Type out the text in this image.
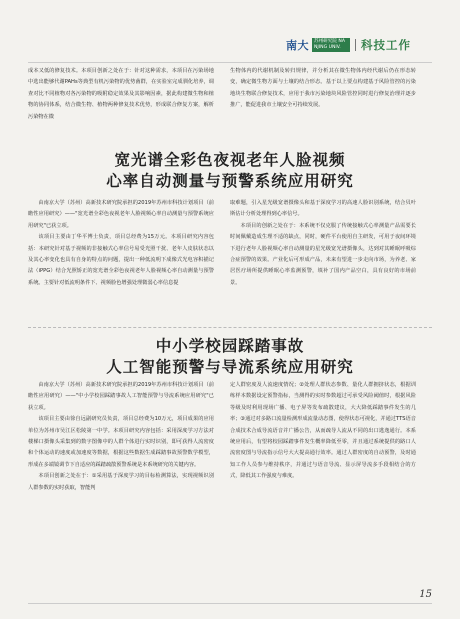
南大	苏州研究院 NANJING UNIV.	科技工作

成本又低的修复技术。本项目创新之处在于：针对这种需求，本项目在污染场地中选出能够代谢PAHs等典型有机污染物的优势菌群，在实验室完成驯化培养，调查对比不同植物对各污染物的吸附稳定效果及其影响因素，据此构建微生物和植物的协同体系，结合微生物、植物两种修复技术优势，形成联合修复方案，解析污染物在微

生物体内的代谢机制及转归规律，并分析其在微生物体内经代谢后仍在形态转变，确定微生物方面与土壤的结合形态。基于以上要点构建基于风险管控的污染地块生物联合修复技术，应用于我市污染地块风险管控同时进行修复治理并逐步推广，能促进我市土壤安全可持续发展。

宽光谱全彩色夜视老年人脸视频
心率自动测量与预警系统应用研究

由南京大学（苏州）高新技术研究院承担的2019年苏州市科技计划项目（前瞻性应用研究）——"宽光谱全彩色夜视老年人脸视频心率自动测量与预警系统应用研究"已获立项。

该项目主要由丁华平博士负责，项目总经费为15万元。本项目研究内容包括：本研究针对基于视频的非接触式心率信号易受光照干扰、老年人皮肤状态以及其心率变化也具有自身的特点的问题，提出一种低流明下成像式光电容积描记法（iPPG）结合光照矫正的宽光谱全彩色夜视老年人脸视频心率自动测量与预警系统。主要针对低流明条件下、视频脸色增强处理微弱心率信息提

取难题，引入星光级宽谱摄像头和基于深度学习的高速人脸识别系统，结合贝叶斯估计分析处理得到心率信号。

本项目的创新之处在于：本系统不仅克服了传统接触式心率测量产品需要长时间佩戴造成生理不适的缺点，同时，硬件平台使用自主研发，可用于夜间环境下进行老年人脸视频心率自动测量的星光级宽光谱摄像头，达到对其睡眠呼吸综合症预警的效果。产业化后可形成产品，未来有望进一步走向市场，为养老、家居医疗场所提供睡眠心率监测预警，填补了国内产品空白，具有良好的市场前景。

中小学校园踩踏事故
人工智能预警与导流系统应用研究

由南京大学（苏州）高新技术研究院承担的2019年苏州市科技计划项目（前瞻性应用研究）——"中小学校园踩踏事故人工智能预警与导流系统应用研究"已获立项。

该项目主要由徐自远副研究员负责，项目总经费为10万元，项目成果的应用单位为苏州市吴江区松陵第一中学。本项目研究内容包括：采用深度学习方法对楼梯口摄像头采集到的数字图像中的人群个体进行实时识别，即可获得人流密度和个体运动的速度或加速度等数据，根据这些数据生成踩踏事故预警数学模型，形成在多端镜调节下自适应的踩踏疏散预警系统是本系统研究的关键内容。

本项目创新之处在于：①采用基于深度学习的目标检测算法，实现视频识别人群参数的实时获取，智能判

定人群密度及人流速度情况；②处理人群状态参数、量化人群拥挤状态，根据训练样本数据设定预警指标，当测得的实时参数超过可承受风险阈值时，根据风险等级及时利用现场广播、电子屏等发布疏散建议，大大降低踩踏事件发生的几率；③通过对多路口流量检测形成流量动态图，使得状态可视化，并通过TTS语音合成技术合成导流语音并广播公告，从而疏导人流从不同的出口逃逸通行。本系统应用后，有望将校园踩踏事件发生概率降低至零，并且通过系统提供的路口人流密度图与导流指示信号大大提高通行效率。通过人群密度的自动预警，及时通知工作人员参与维持秩序，并通过与语音导流、显示屏导流多手段相结合的方式，降低其工作强度与难度。

15
